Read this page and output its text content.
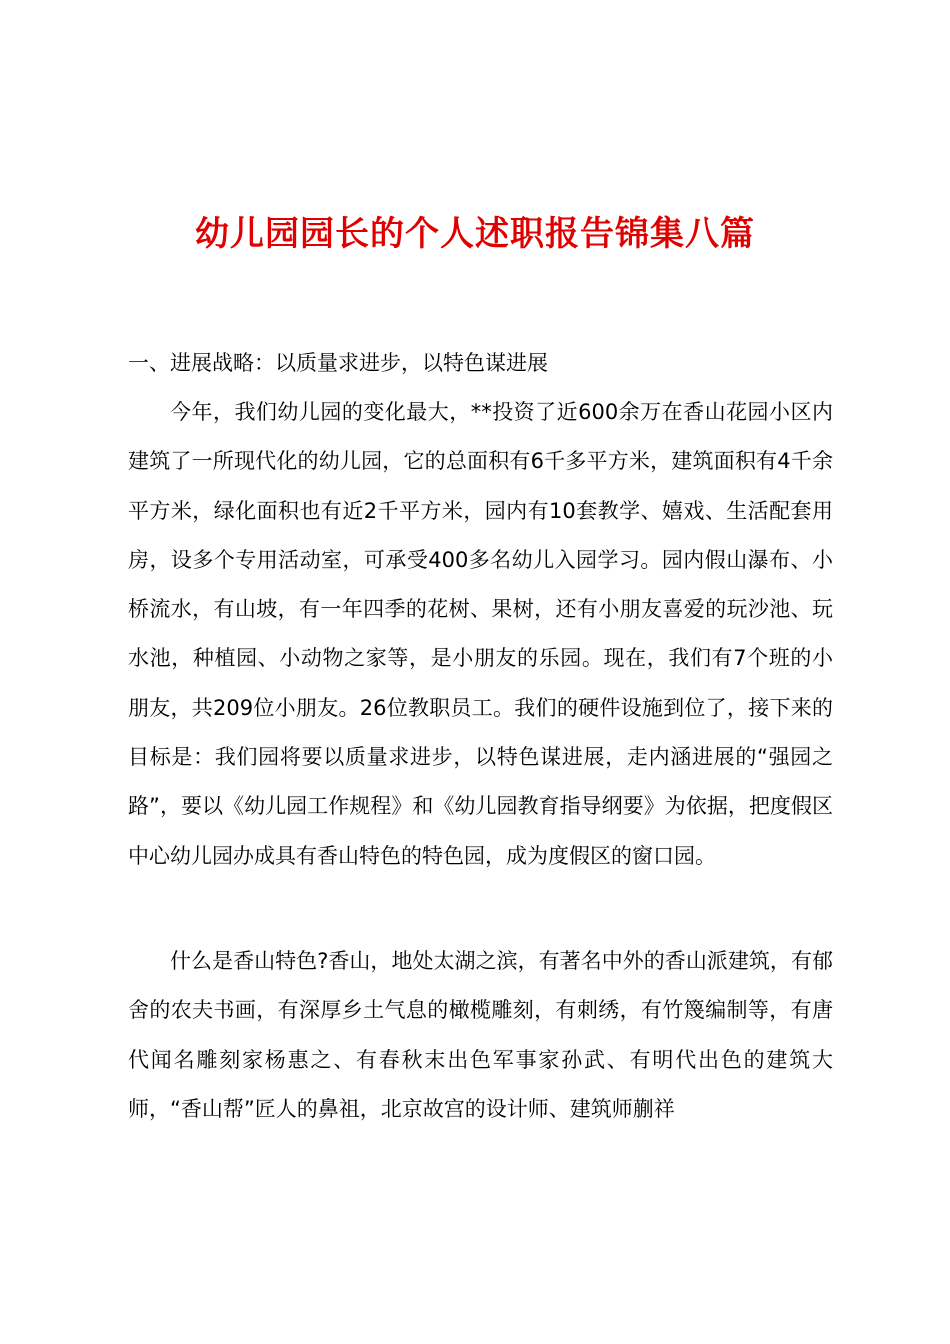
幼儿园园长的个人述职报告锦集八篇
一、进展战略：以质量求进步，以特色谋进展

今年，我们幼儿园的变化最大，**投资了近600余万在香山花园小区内建筑了一所现代化的幼儿园，它的总面积有6千多平方米，建筑面积有4千余平方米，绿化面积也有近2千平方米，园内有10套教学、嬉戏、生活配套用房，设多个专用活动室，可承受400多名幼儿入园学习。园内假山瀑布、小桥流水，有山坡，有一年四季的花树、果树，还有小朋友喜爱的玩沙池、玩水池，种植园、小动物之家等，是小朋友的乐园。现在，我们有7个班的小朋友，共209位小朋友。26位教职员工。我们的硬件设施到位了，接下来的目标是：我们园将要以质量求进步，以特色谋进展，走内涵进展的“强园之路”，要以《幼儿园工作规程》和《幼儿园教育指导纲要》为依据，把度假区中心幼儿园办成具有香山特色的特色园，成为度假区的窗口园。

什么是香山特色?香山，地处太湖之滨，有著名中外的香山派建筑，有郁舍的农夫书画，有深厚乡土气息的橄榄雕刻，有刺绣，有竹篾编制等，有唐代闻名雕刻家杨惠之、有春秋末出色军事家孙武、有明代出色的建筑大师，“香山帮”匠人的鼻祖，北京故宫的设计师、建筑师蒯祥
